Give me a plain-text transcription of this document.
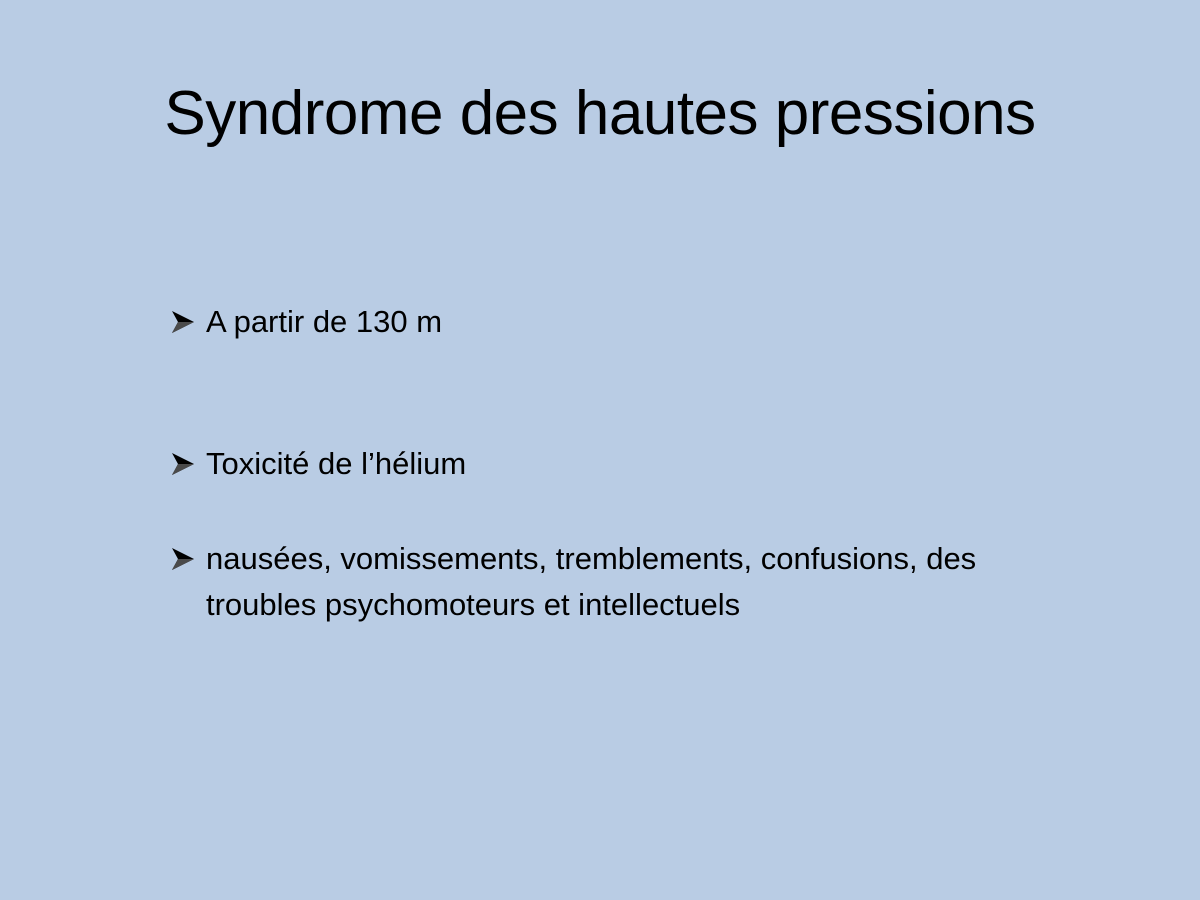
Syndrome des hautes pressions
A partir de 130 m
Toxicité de l’hélium
nausées, vomissements, tremblements, confusions, des troubles psychomoteurs et intellectuels
